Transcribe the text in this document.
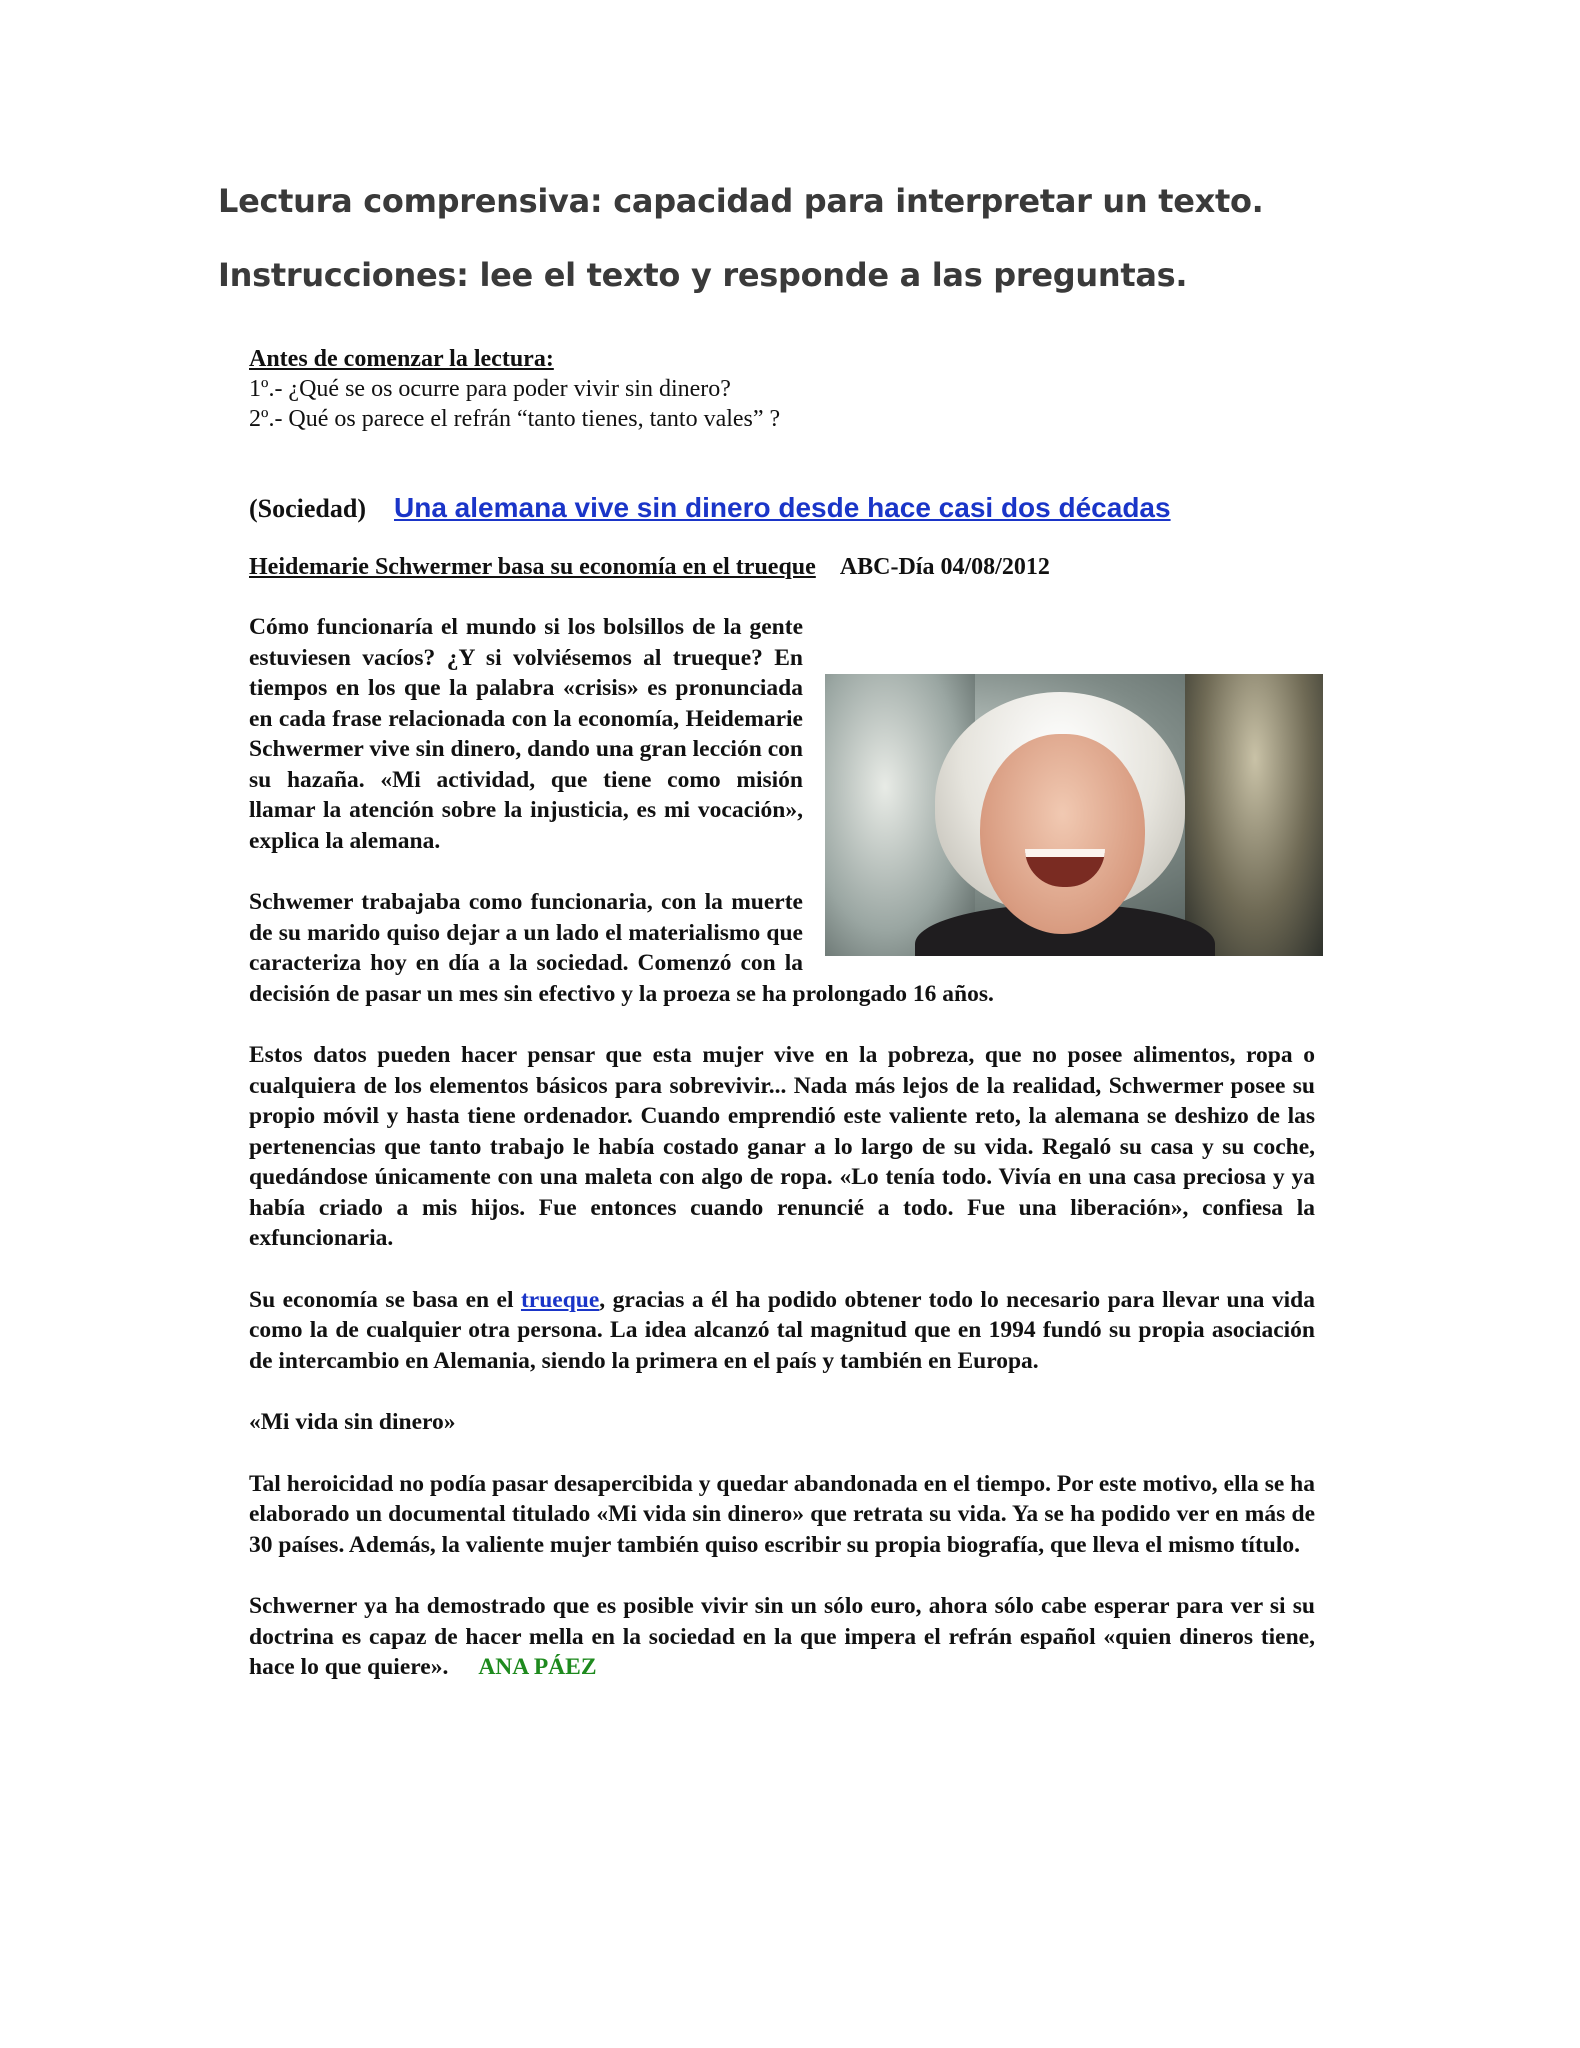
Lectura comprensiva: capacidad para interpretar un texto.
Instrucciones: lee el texto y responde a las preguntas.
Antes de comenzar la lectura:
1º.- ¿Qué se os ocurre para poder vivir sin dinero?
2º.- Qué os parece el refrán “tanto tienes, tanto vales” ?
(Sociedad) Una alemana vive sin dinero desde hace casi dos décadas
Heidemarie Schwermer basa su economía en el trueque ABC-Día 04/08/2012

Cómo funcionaría el mundo si los bolsillos de la gente estuviesen vacíos? ¿Y si volviésemos al trueque? En tiempos en los que la palabra «crisis» es pronunciada en cada frase relacionada con la economía, Heidemarie Schwermer vive sin dinero, dando una gran lección con su hazaña. «Mi actividad, que tiene como misión llamar la atención sobre la injusticia, es mi vocación», explica la alemana.

Schwemer trabajaba como funcionaria, con la muerte de su marido quiso dejar a un lado el materialismo que caracteriza hoy en día a la sociedad. Comenzó con la decisión de pasar un mes sin efectivo y la proeza se ha prolongado 16 años.

Estos datos pueden hacer pensar que esta mujer vive en la pobreza, que no posee alimentos, ropa o cualquiera de los elementos básicos para sobrevivir... Nada más lejos de la realidad, Schwermer posee su propio móvil y hasta tiene ordenador. Cuando emprendió este valiente reto, la alemana se deshizo de las pertenencias que tanto trabajo le había costado ganar a lo largo de su vida. Regaló su casa y su coche, quedándose únicamente con una maleta con algo de ropa. «Lo tenía todo. Vivía en una casa preciosa y ya había criado a mis hijos. Fue entonces cuando renuncié a todo. Fue una liberación», confiesa la exfuncionaria.

Su economía se basa en el trueque, gracias a él ha podido obtener todo lo necesario para llevar una vida como la de cualquier otra persona. La idea alcanzó tal magnitud que en 1994 fundó su propia asociación de intercambio en Alemania, siendo la primera en el país y también en Europa.

«Mi vida sin dinero»

Tal heroicidad no podía pasar desapercibida y quedar abandonada en el tiempo. Por este motivo, ella se ha elaborado un documental titulado «Mi vida sin dinero» que retrata su vida. Ya se ha podido ver en más de 30 países. Además, la valiente mujer también quiso escribir su propia biografía, que lleva el mismo título.

Schwerner ya ha demostrado que es posible vivir sin un sólo euro, ahora sólo cabe esperar para ver si su doctrina es capaz de hacer mella en la sociedad en la que impera el refrán español «quien dineros tiene, hace lo que quiere». ANA PÁEZ
